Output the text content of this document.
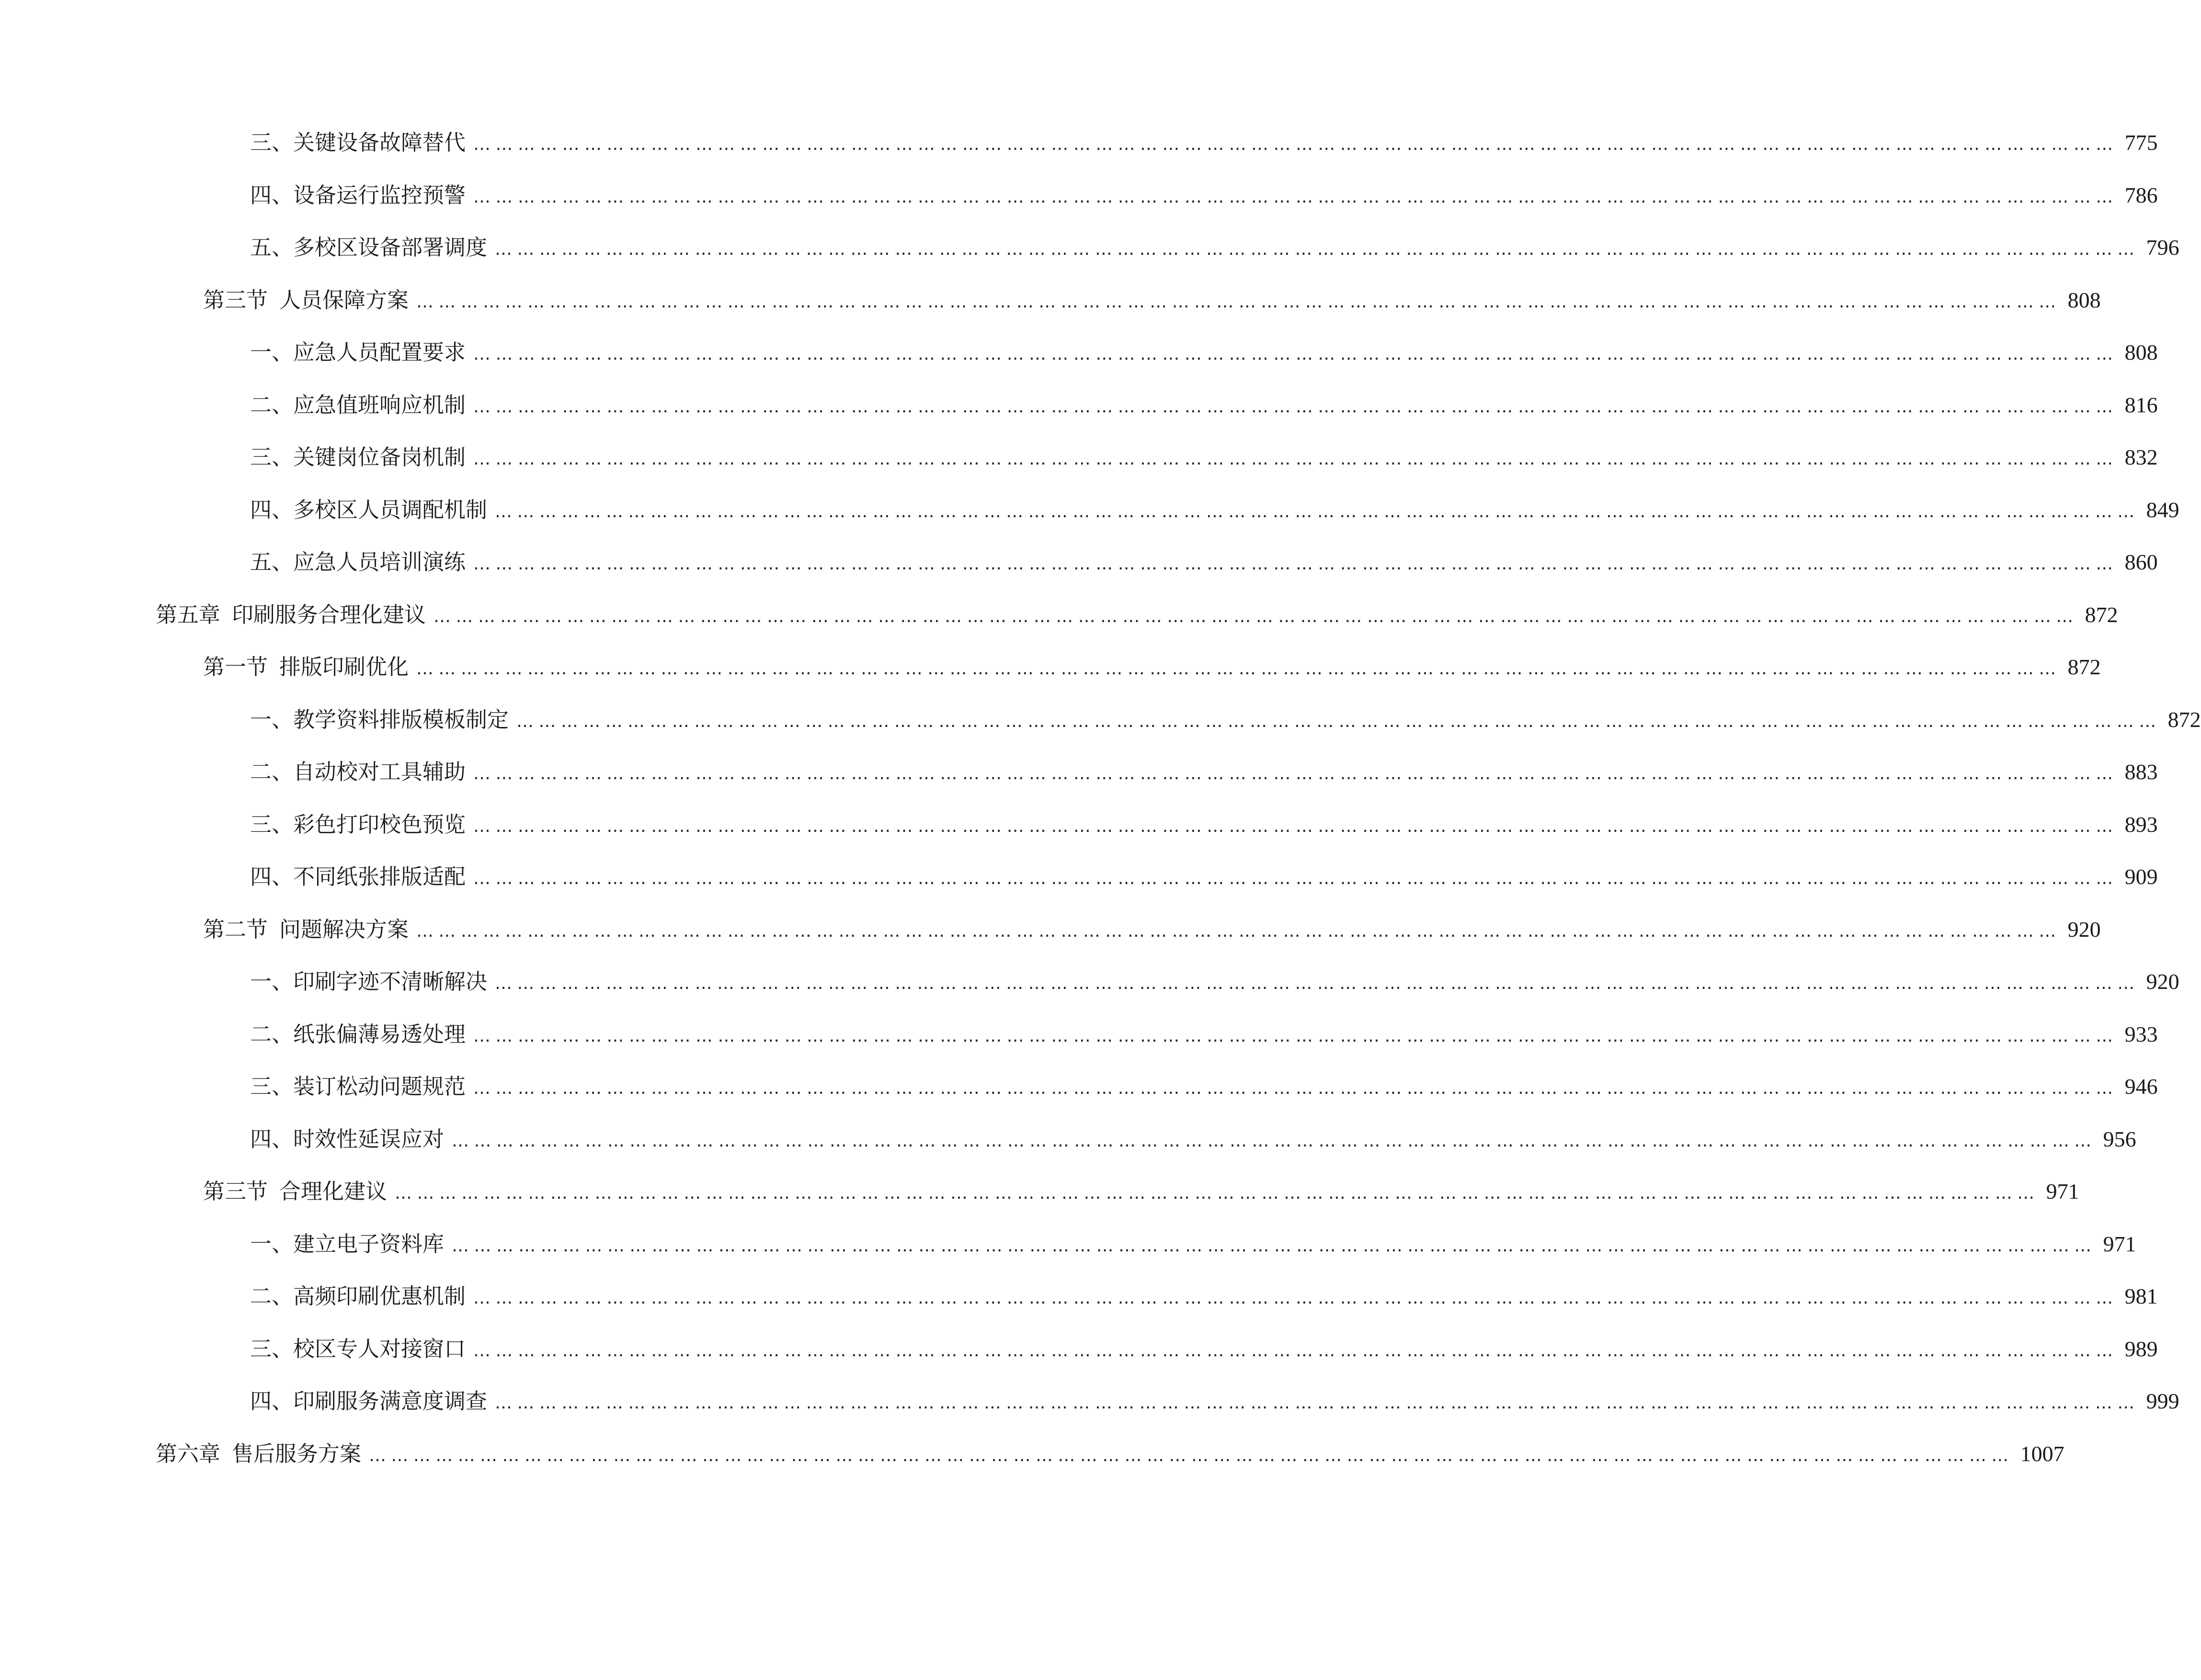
三、 关键设备故障替代 …………………………………………………………………………………………………………………………………………………………………………………………………… 775
四、 设备运行监控预警 …………………………………………………………………………………………………………………………………………………………………………………………………… 786
五、 多校区设备部署调度 …………………………………………………………………………………………………………………………………………………………………………………………………… 796
第三节 人员保障方案 …………………………………………………………………………………………………………………………………………………………………………………………………… 808
一、 应急人员配置要求 …………………………………………………………………………………………………………………………………………………………………………………………………… 808
二、 应急值班响应机制 …………………………………………………………………………………………………………………………………………………………………………………………………… 816
三、 关键岗位备岗机制 …………………………………………………………………………………………………………………………………………………………………………………………………… 832
四、 多校区人员调配机制 …………………………………………………………………………………………………………………………………………………………………………………………………… 849
五、 应急人员培训演练 …………………………………………………………………………………………………………………………………………………………………………………………………… 860
第五章 印刷服务合理化建议 …………………………………………………………………………………………………………………………………………………………………………………………………… 872
第一节 排版印刷优化 …………………………………………………………………………………………………………………………………………………………………………………………………… 872
一、 教学资料排版模板制定 …………………………………………………………………………………………………………………………………………………………………………………………………… 872
二、 自动校对工具辅助 …………………………………………………………………………………………………………………………………………………………………………………………………… 883
三、 彩色打印校色预览 …………………………………………………………………………………………………………………………………………………………………………………………………… 893
四、 不同纸张排版适配 …………………………………………………………………………………………………………………………………………………………………………………………………… 909
第二节 问题解决方案 …………………………………………………………………………………………………………………………………………………………………………………………………… 920
一、 印刷字迹不清晰解决 …………………………………………………………………………………………………………………………………………………………………………………………………… 920
二、 纸张偏薄易透处理 …………………………………………………………………………………………………………………………………………………………………………………………………… 933
三、 装订松动问题规范 …………………………………………………………………………………………………………………………………………………………………………………………………… 946
四、 时效性延误应对 …………………………………………………………………………………………………………………………………………………………………………………………………… 956
第三节 合理化建议 …………………………………………………………………………………………………………………………………………………………………………………………………… 971
一、 建立电子资料库 …………………………………………………………………………………………………………………………………………………………………………………………………… 971
二、 高频印刷优惠机制 …………………………………………………………………………………………………………………………………………………………………………………………………… 981
三、 校区专人对接窗口 …………………………………………………………………………………………………………………………………………………………………………………………………… 989
四、 印刷服务满意度调查 …………………………………………………………………………………………………………………………………………………………………………………………………… 999
第六章 售后服务方案 …………………………………………………………………………………………………………………………………………………………………………………………………… 1007
